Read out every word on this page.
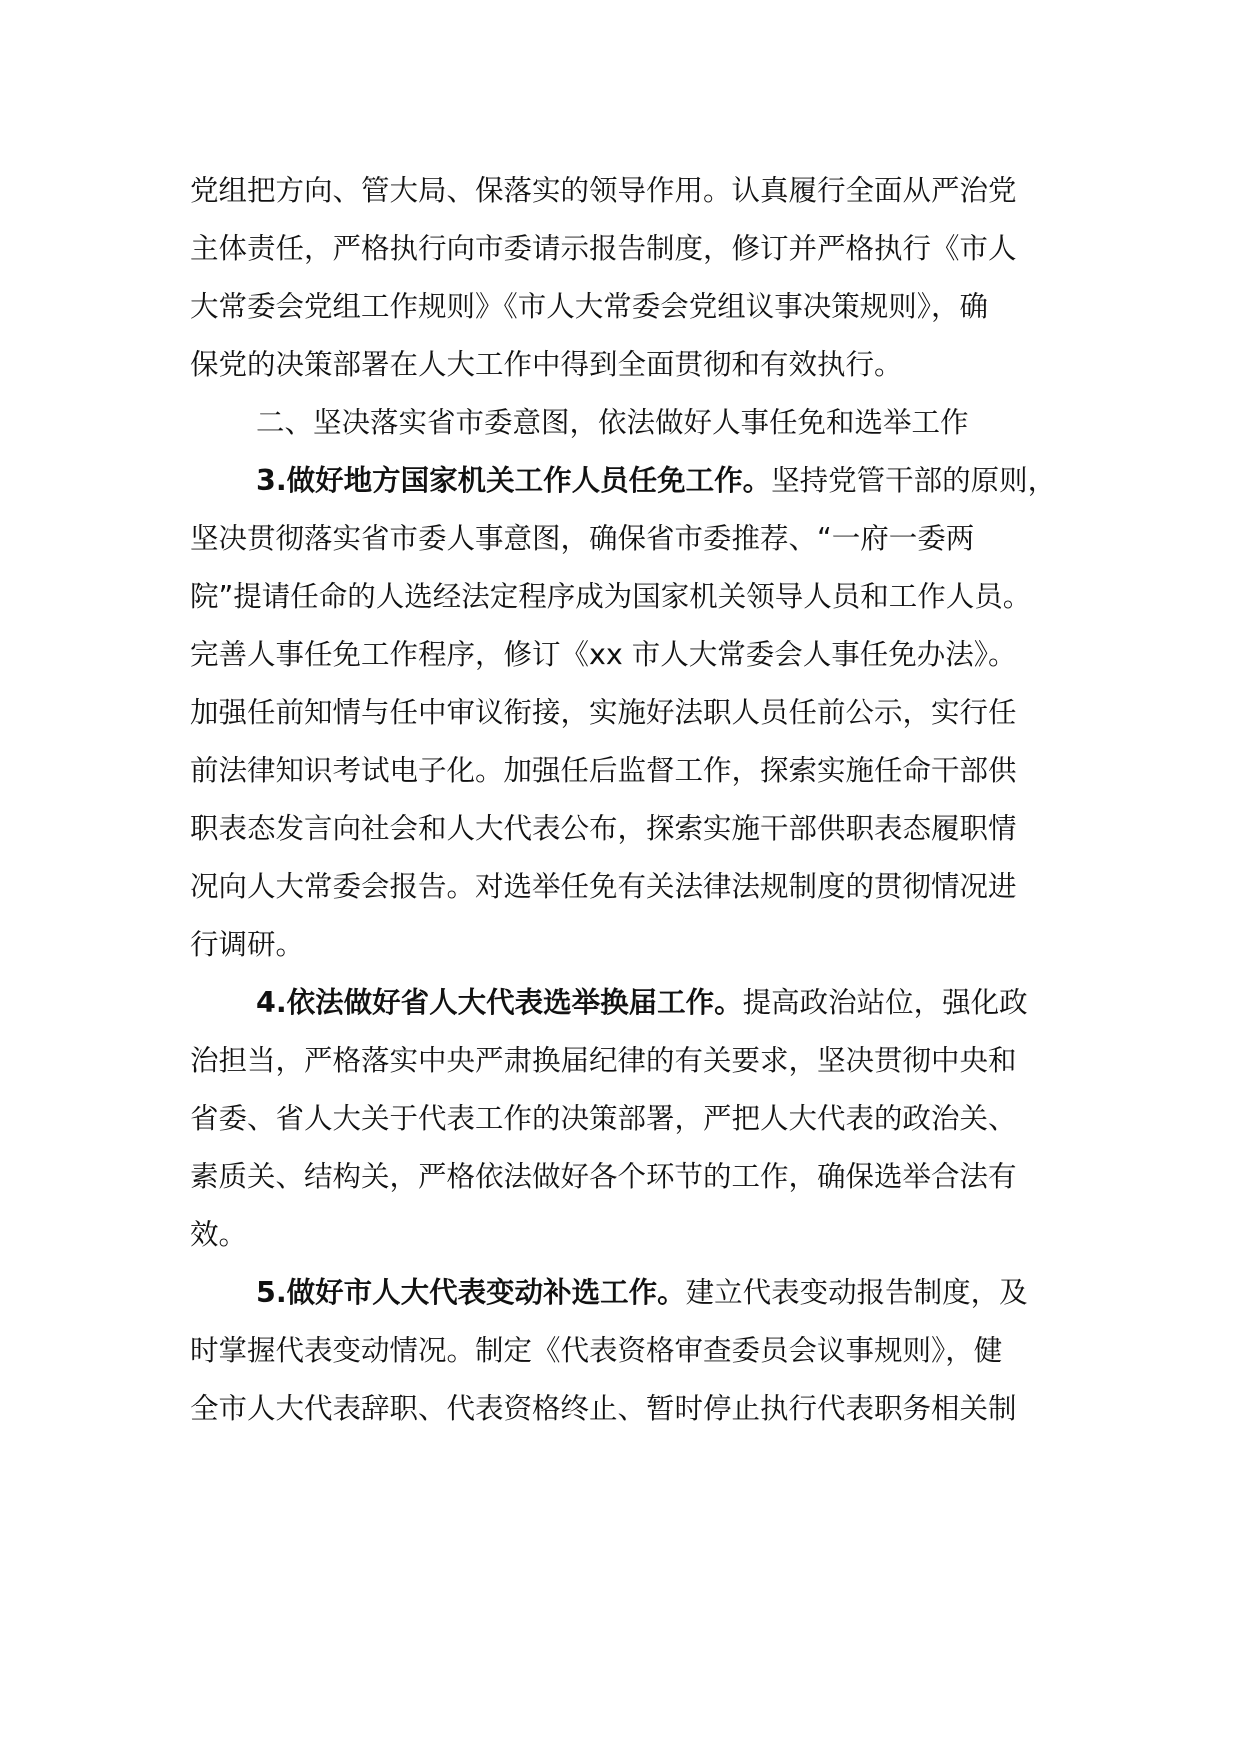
党组把方向、管大局、保落实的领导作用。认真履行全面从严治党
主体责任，严格执行向市委请示报告制度，修订并严格执行《市人
大常委会党组工作规则》《市人大常委会党组议事决策规则》，确
保党的决策部署在人大工作中得到全面贯彻和有效执行。
二、坚决落实省市委意图，依法做好人事任免和选举工作
3.做好地方国家机关工作人员任免工作。坚持党管干部的原则，
坚决贯彻落实省市委人事意图，确保省市委推荐、“一府一委两
院”提请任命的人选经法定程序成为国家机关领导人员和工作人员。
完善人事任免工作程序，修订《xx 市人大常委会人事任免办法》。
加强任前知情与任中审议衔接，实施好法职人员任前公示，实行任
前法律知识考试电子化。加强任后监督工作，探索实施任命干部供
职表态发言向社会和人大代表公布，探索实施干部供职表态履职情
况向人大常委会报告。对选举任免有关法律法规制度的贯彻情况进
行调研。
4.依法做好省人大代表选举换届工作。提高政治站位，强化政
治担当，严格落实中央严肃换届纪律的有关要求，坚决贯彻中央和
省委、省人大关于代表工作的决策部署，严把人大代表的政治关、
素质关、结构关，严格依法做好各个环节的工作，确保选举合法有
效。
5.做好市人大代表变动补选工作。建立代表变动报告制度，及
时掌握代表变动情况。制定《代表资格审查委员会议事规则》，健
全市人大代表辞职、代表资格终止、暂时停止执行代表职务相关制
